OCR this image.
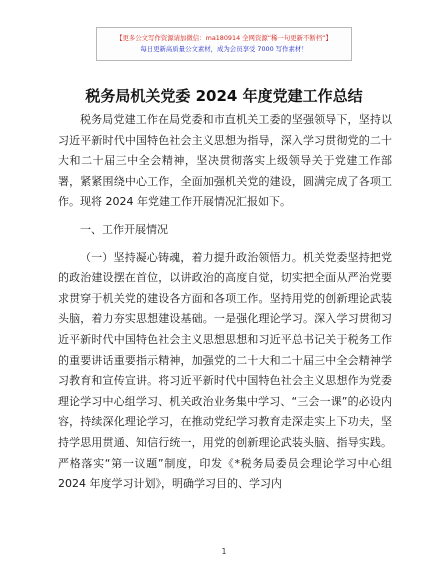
【更多公文写作资源请加微信：ma180914 全网资源“稀一句更新不断档”】
每日更新高质量公文素材，成为会员享受 7000 写作素材！
税务局机关党委 2024 年度党建工作总结

税务局党建工作在局党委和市直机关工委的坚强领导下，坚持以习近平新时代中国特色社会主义思想为指导，深入学习贯彻党的二十大和二十届三中全会精神，坚决贯彻落实上级领导关于党建工作部署，紧紧围绕中心工作，全面加强机关党的建设，圆满完成了各项工作。现将 2024 年党建工作开展情况汇报如下。

一、工作开展情况

（一）坚持凝心铸魂，着力提升政治领悟力。机关党委坚持把党的政治建设摆在首位，以讲政治的高度自觉，切实把全面从严治党要求贯穿于机关党的建设各方面和各项工作。坚持用党的创新理论武装头脑，着力夯实思想建设基础。一是强化理论学习。深入学习贯彻习近平新时代中国特色社会主义思想思想和习近平总书记关于税务工作的重要讲话重要指示精神，加强党的二十大和二十届三中全会精神学习教育和宣传宣讲。将习近平新时代中国特色社会主义思想作为党委理论学习中心组学习、机关政治业务集中学习、“三会一课”的必设内容，持续深化理论学习，在推动党纪学习教育走深走实上下功夫，坚持学思用贯通、知信行统一，用党的创新理论武装头脑、指导实践。严格落实“第一议题”制度，印发《*税务局委员会理论学习中心组 2024 年度学习计划》，明确学习目的、学习内

1
